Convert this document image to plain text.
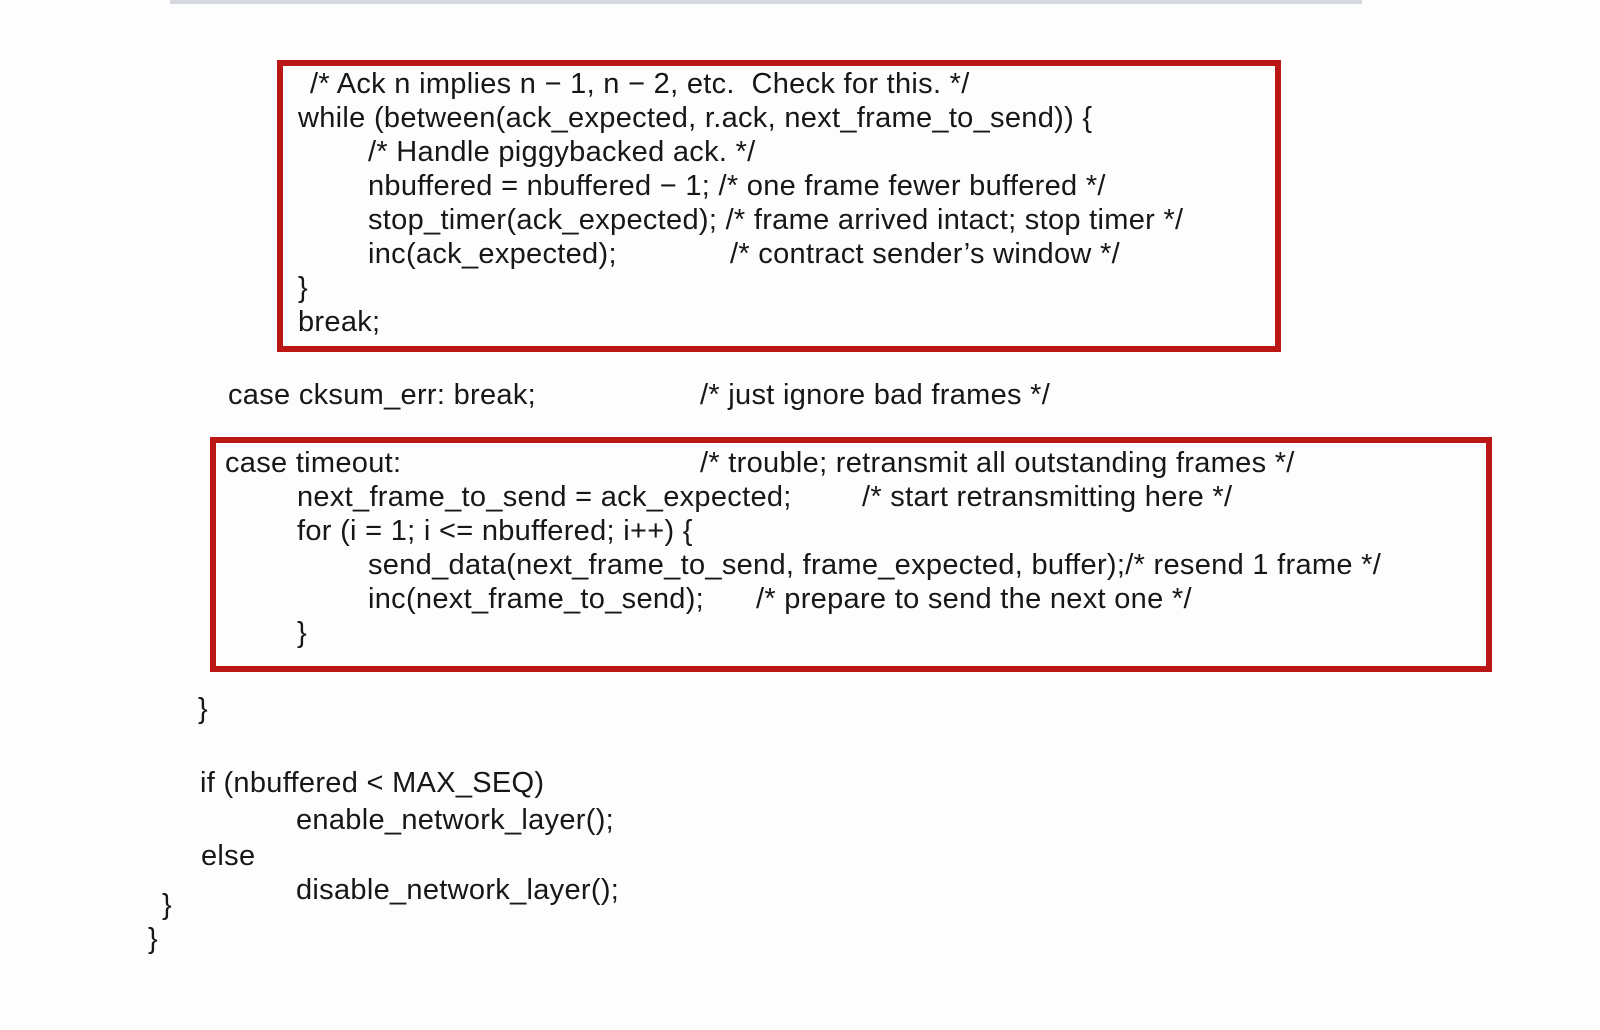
/* Ack n implies n − 1, n − 2, etc.  Check for this. */
while (between(ack_expected, r.ack, next_frame_to_send)) {
/* Handle piggybacked ack. */
nbuffered = nbuffered − 1; /* one frame fewer buffered */
stop_timer(ack_expected); /* frame arrived intact; stop timer */
inc(ack_expected);	/* contract sender’s window */
}
break;
case cksum_err: break;	/* just ignore bad frames */
case timeout:	/* trouble; retransmit all outstanding frames */
next_frame_to_send = ack_expected; /* start retransmitting here */
for (i = 1; i <= nbuffered; i++) {
send_data(next_frame_to_send, frame_expected, buffer);/* resend 1 frame */
inc(next_frame_to_send); /* prepare to send the next one */
}
}
if (nbuffered < MAX_SEQ)
enable_network_layer();
else
disable_network_layer();
}
}
